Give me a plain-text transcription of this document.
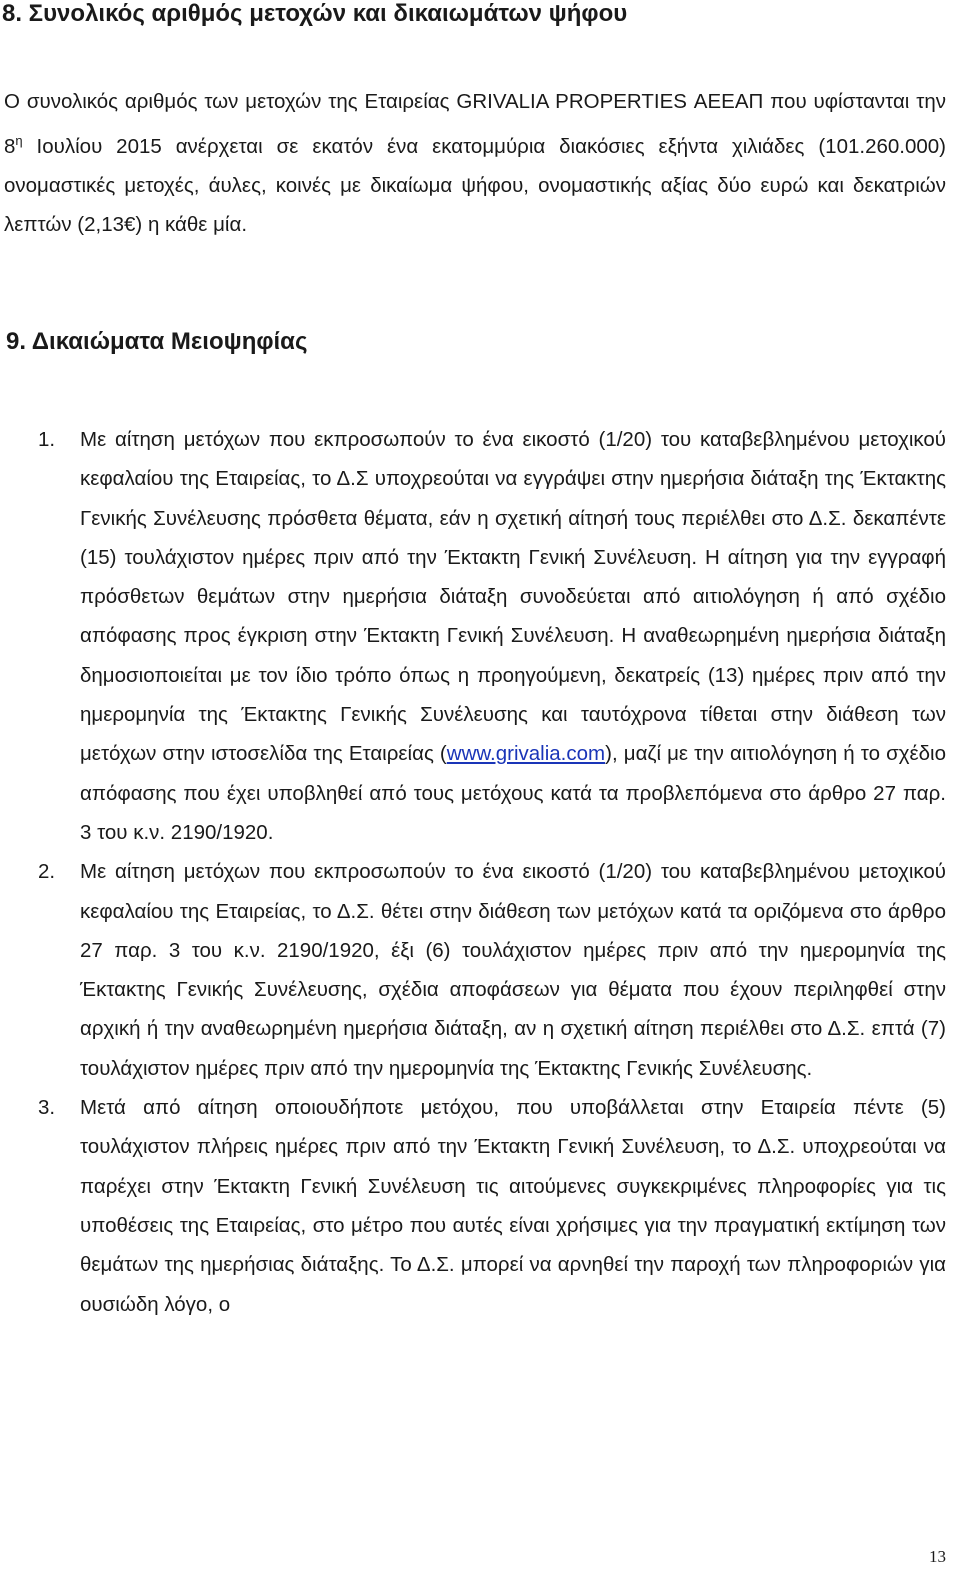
8. Συνολικός αριθμός μετοχών και δικαιωμάτων ψήφου

Ο συνολικός αριθμός των μετοχών της Εταιρείας GRIVALIA PROPERTIES ΑΕΕΑΠ που υφίστανται την $8^\eta$ Ιουλίου 2015 ανέρχεται σε εκατόν ένα εκατομμύρια διακόσιες εξήντα χιλιάδες (101.260.000) ονομαστικές μετοχές, άυλες, κοινές με δικαίωμα ψήφου, ονομαστικής αξίας δύο ευρώ και δεκατριών λεπτών (2,13€) η κάθε μία.

9. Δικαιώματα Μειοψηφίας
1. Με αίτηση μετόχων που εκπροσωπούν το ένα εικοστό (1/20) του καταβεβλημένου μετοχικού κεφαλαίου της Εταιρείας, το Δ.Σ υποχρεούται να εγγράψει στην ημερήσια διάταξη της Έκτακτης Γενικής Συνέλευσης πρόσθετα θέματα, εάν η σχετική αίτησή τους περιέλθει στο Δ.Σ. δεκαπέντε (15) τουλάχιστον ημέρες πριν από την Έκτακτη Γενική Συνέλευση. Η αίτηση για την εγγραφή πρόσθετων θεμάτων στην ημερήσια διάταξη συνοδεύεται από αιτιολόγηση ή από σχέδιο απόφασης προς έγκριση στην Έκτακτη Γενική Συνέλευση. Η αναθεωρημένη ημερήσια διάταξη δημοσιοποιείται με τον ίδιο τρόπο όπως η προηγούμενη, δεκατρείς (13) ημέρες πριν από την ημερομηνία της Έκτακτης Γενικής Συνέλευσης και ταυτόχρονα τίθεται στην διάθεση των μετόχων στην ιστοσελίδα της Εταιρείας (www.grivalia.com), μαζί με την αιτιολόγηση ή το σχέδιο απόφασης που έχει υποβληθεί από τους μετόχους κατά τα προβλεπόμενα στο άρθρο 27 παρ. 3 του κ.ν. 2190/1920.
2. Με αίτηση μετόχων που εκπροσωπούν το ένα εικοστό (1/20) του καταβεβλημένου μετοχικού κεφαλαίου της Εταιρείας, το Δ.Σ. θέτει στην διάθεση των μετόχων κατά τα οριζόμενα στο άρθρο 27 παρ. 3 του κ.ν. 2190/1920, έξι (6) τουλάχιστον ημέρες πριν από την ημερομηνία της Έκτακτης Γενικής Συνέλευσης, σχέδια αποφάσεων για θέματα που έχουν περιληφθεί στην αρχική ή την αναθεωρημένη ημερήσια διάταξη, αν η σχετική αίτηση περιέλθει στο Δ.Σ. επτά (7) τουλάχιστον ημέρες πριν από την ημερομηνία της Έκτακτης Γενικής Συνέλευσης.
3. Μετά από αίτηση οποιουδήποτε μετόχου, που υποβάλλεται στην Εταιρεία πέντε (5) τουλάχιστον πλήρεις ημέρες πριν από την Έκτακτη Γενική Συνέλευση, το Δ.Σ. υποχρεούται να παρέχει στην Έκτακτη Γενική Συνέλευση τις αιτούμενες συγκεκριμένες πληροφορίες για τις υποθέσεις της Εταιρείας, στο μέτρο που αυτές είναι χρήσιμες για την πραγματική εκτίμηση των θεμάτων της ημερήσιας διάταξης. Το Δ.Σ. μπορεί να αρνηθεί την παροχή των πληροφοριών για ουσιώδη λόγο, ο
13
